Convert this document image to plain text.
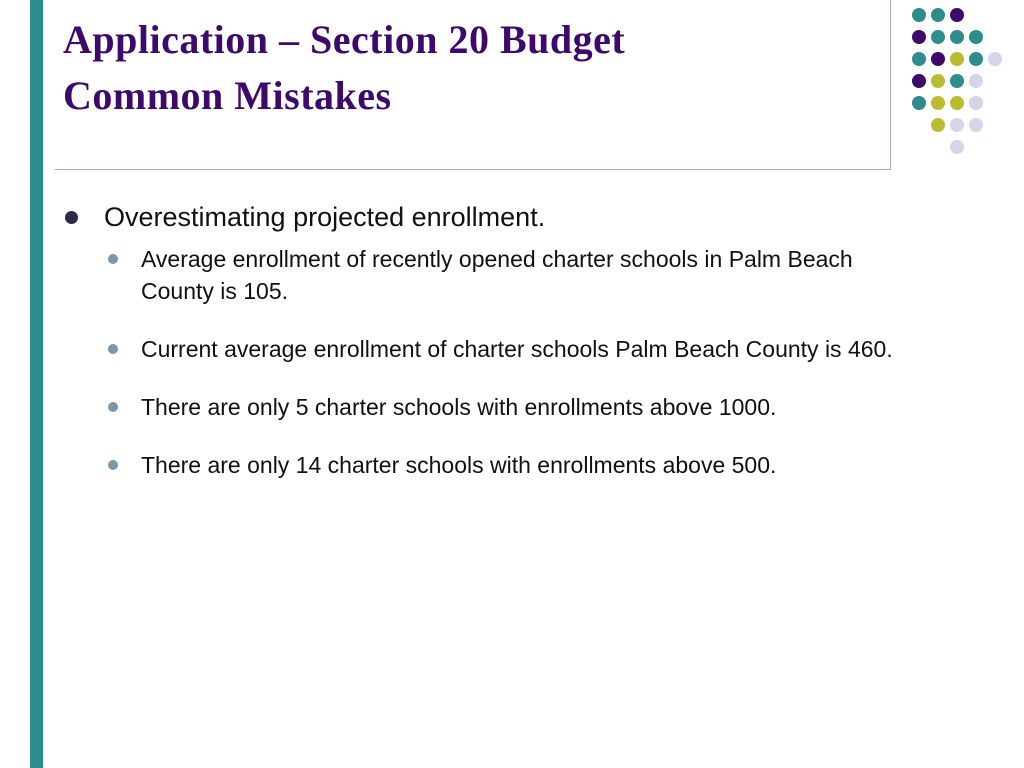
Application – Section 20 Budget
Common Mistakes
Overestimating projected enrollment.
Average enrollment of recently opened charter schools in Palm Beach County is 105.
Current average enrollment of charter schools Palm Beach County is 460.
There are only 5 charter schools with enrollments above 1000.
There are only 14 charter schools with enrollments above 500.
